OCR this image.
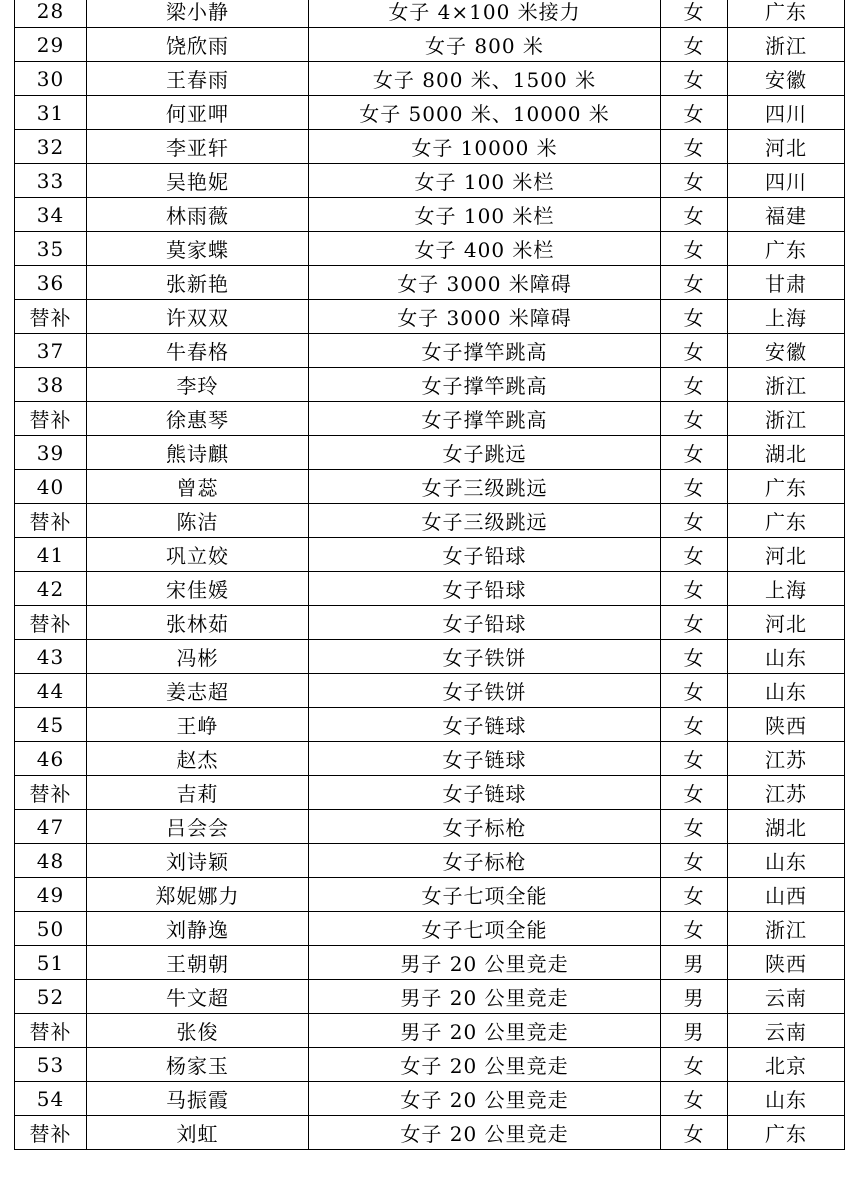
28	梁小静	女子 4×100 米接力	女	广东
29	饶欣雨	女子 800 米	女	浙江
30	王春雨	女子 800 米、1500 米	女	安徽
31	何亚呷	女子 5000 米、10000 米	女	四川
32	李亚轩	女子 10000 米	女	河北
33	吴艳妮	女子 100 米栏	女	四川
34	林雨薇	女子 100 米栏	女	福建
35	莫家蝶	女子 400 米栏	女	广东
36	张新艳	女子 3000 米障碍	女	甘肃
替补	许双双	女子 3000 米障碍	女	上海
37	牛春格	女子撑竿跳高	女	安徽
38	李玲	女子撑竿跳高	女	浙江
替补	徐惠琴	女子撑竿跳高	女	浙江
39	熊诗麒	女子跳远	女	湖北
40	曾蕊	女子三级跳远	女	广东
替补	陈洁	女子三级跳远	女	广东
41	巩立姣	女子铅球	女	河北
42	宋佳媛	女子铅球	女	上海
替补	张林茹	女子铅球	女	河北
43	冯彬	女子铁饼	女	山东
44	姜志超	女子铁饼	女	山东
45	王峥	女子链球	女	陕西
46	赵杰	女子链球	女	江苏
替补	吉莉	女子链球	女	江苏
47	吕会会	女子标枪	女	湖北
48	刘诗颖	女子标枪	女	山东
49	郑妮娜力	女子七项全能	女	山西
50	刘静逸	女子七项全能	女	浙江
51	王朝朝	男子 20 公里竞走	男	陕西
52	牛文超	男子 20 公里竞走	男	云南
替补	张俊	男子 20 公里竞走	男	云南
53	杨家玉	女子 20 公里竞走	女	北京
54	马振霞	女子 20 公里竞走	女	山东
替补	刘虹	女子 20 公里竞走	女	广东
